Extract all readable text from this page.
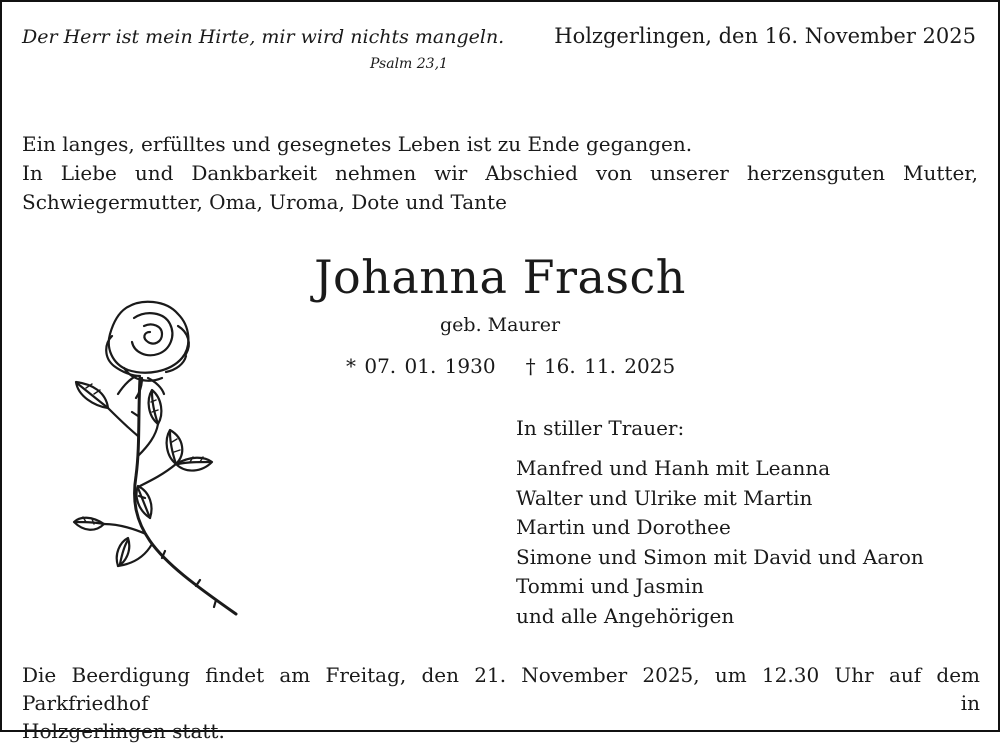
Der Herr ist mein Hirte, mir wird nichts mangeln.
Psalm 23,1
Holzgerlingen, den 16. November 2025
Ein langes, erfülltes und gesegnetes Leben ist zu Ende gegangen.
In Liebe und Dankbarkeit nehmen wir Abschied von unserer herzensguten Mutter,
Schwiegermutter, Oma, Uroma, Dote und Tante
Johanna Frasch
geb. Maurer
* 07. 01. 1930 † 16. 11. 2025
In stiller Trauer:
Manfred und Hanh mit Leanna
Walter und Ulrike mit Martin
Martin und Dorothee
Simone und Simon mit David und Aaron
Tommi und Jasmin
und alle Angehörigen
Die Beerdigung findet am Freitag, den 21. November 2025, um 12.30 Uhr auf dem Parkfriedhof in
Holzgerlingen statt.
